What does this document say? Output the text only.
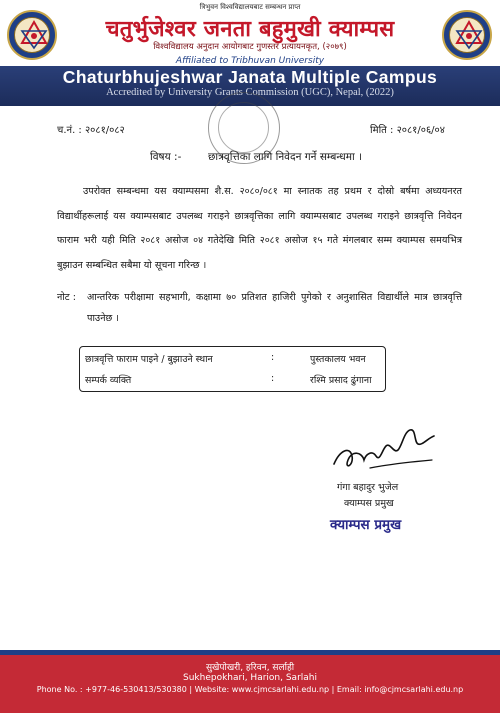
त्रिभुवन विश्वविद्यालयबाट सम्बन्धन प्राप्त
चतुर्भुजेश्वर जनता बहुमुखी क्याम्पस
विश्वविद्यालय अनुदान आयोगबाट गुणस्तर प्रत्यायनकृत, (२०७९)
Affiliated to Tribhuvan University
Chaturbhujeshwar Janata Multiple Campus
Accredited by University Grants Commission (UGC), Nepal, (2022)
च.नं. : २०८१/०८२	मिति : २०८१/०६/०४
विषय :-	छात्रवृत्तिका लागि निवेदन गर्ने सम्बन्धमा ।
उपरोक्त सम्बन्धमा यस क्याम्पसमा शै.स. २०८०/०८१ मा स्नातक तह प्रथम र दोस्रो बर्षमा अध्ययनरत विद्यार्थीहरूलाई यस क्याम्पसबाट उपलब्ध गराइने छात्रवृत्तिका लागि क्याम्पसबाट उपलब्ध गराइने छात्रवृत्ति निवेदन फाराम भरी यही मिति २०८१ असोज ०४ गतेदेखि मिति २०८१ असोज १५ गते मंगलबार सम्म क्याम्पस समयभित्र बुझाउन सम्बन्धित सबैमा यो सूचना गरिन्छ ।
नोट :	आन्तरिक परीक्षामा सहभागी, कक्षामा ७० प्रतिशत हाजिरी पुगेको र अनुशासित विद्यार्थीले मात्र छात्रवृत्ति पाउनेछ ।
छात्रवृत्ति फाराम पाइने / बुझाउने स्थान	:	पुस्तकालय भवन
सम्पर्क व्यक्ति	:	रश्मि प्रसाद ढुंगाना
गंगा बहादुर भुजेल
क्याम्पस प्रमुख
क्याम्पस प्रमुख
सुखेपोखरी, हरिवन, सर्लाही
Sukhepokhari, Harion, Sarlahi
Phone No. : +977-46-530413/530380 | Website: www.cjmcsarlahi.edu.np | Email: info@cjmcsarlahi.edu.np
